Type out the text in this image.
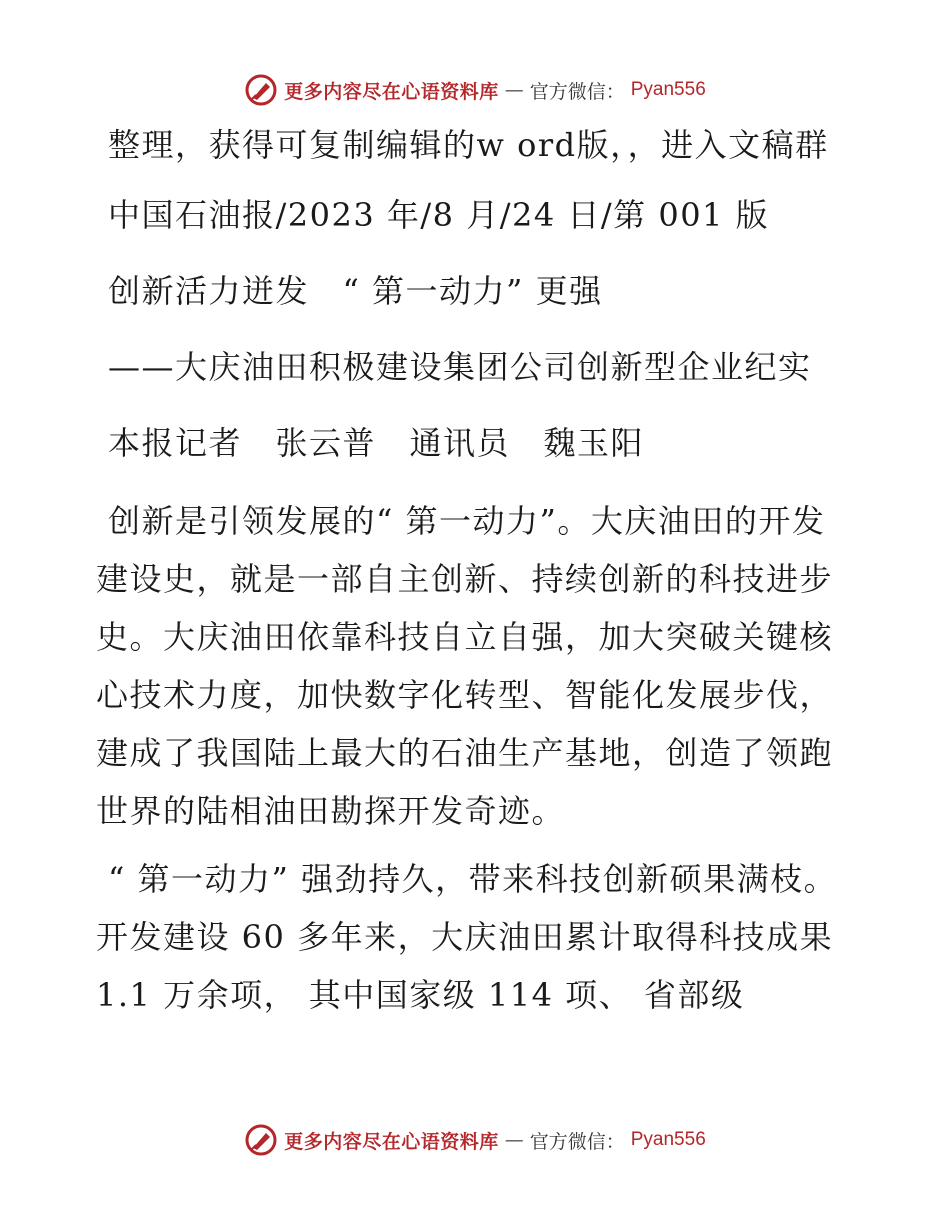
更多内容尽在心语资料库 — 官方微信： Pyan556

整理，获得可复制编辑的w ord版，，进入文稿群

中国石油报/2023 年/8 月/24 日/第 001 版

创新活力迸发　“ 第一动力” 更强

——大庆油田积极建设集团公司创新型企业纪实

本报记者　张云普　通讯员　魏玉阳

创新是引领发展的“ 第一动力”。大庆油田的开发建设史，就是一部自主创新、持续创新的科技进步史。大庆油田依靠科技自立自强，加大突破关键核心技术力度，加快数字化转型、智能化发展步伐，建成了我国陆上最大的石油生产基地，创造了领跑世界的陆相油田勘探开发奇迹。

“ 第一动力” 强劲持久，带来科技创新硕果满枝。开发建设 60 多年来，大庆油田累计取得科技成果 1.1 万余项， 其中国家级 114 项、 省部级

更多内容尽在心语资料库 — 官方微信： Pyan556
